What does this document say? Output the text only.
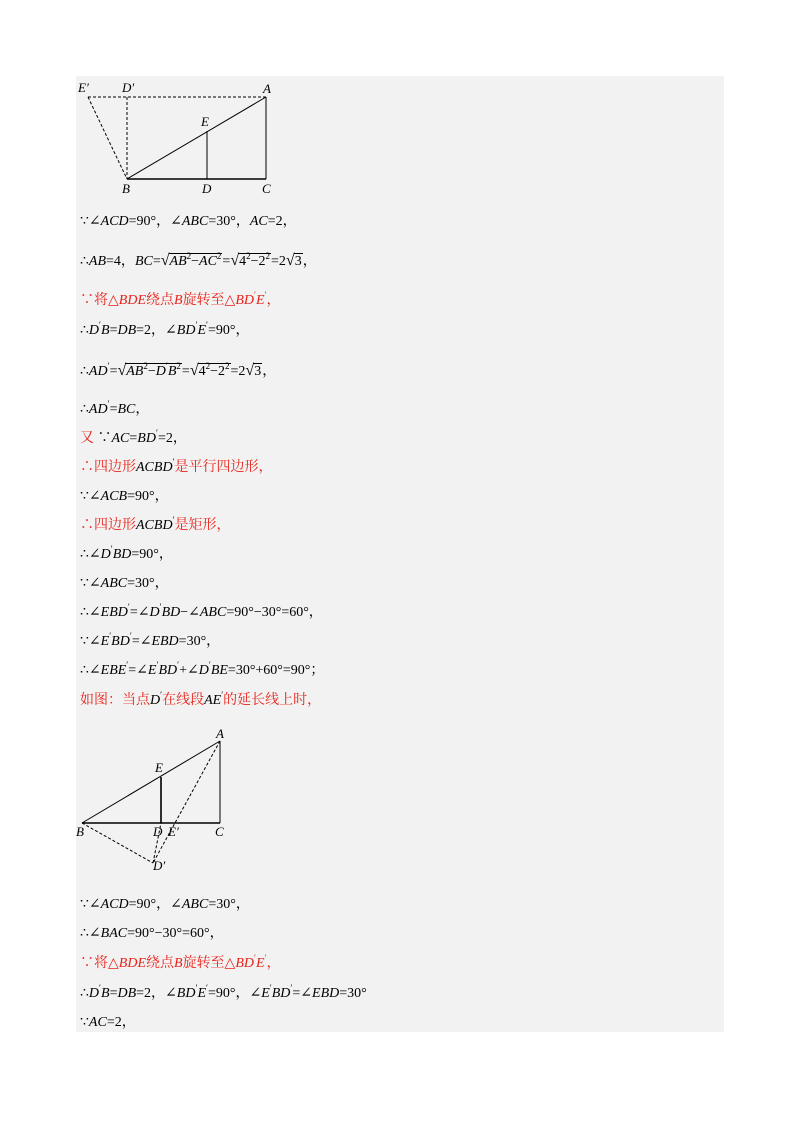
E′	D′	A
E
B	D	C
∵∠ACD=90°，∠ABC=30°，AC=2，
∴AB=4，$BC=√AB^2-AC^2=√4^2-2^2=2√3$，
∵将△BDE绕点B旋转至△BD′E′，
∴D′B=DB=2，∠BD′E′=90°，
$\therefore AD'=√AB^2-D'B^2=√4^2-2^2=2√3$，
∴AD′=BC，
又 ∵AC=BD′=2，
∴四边形ACBD′是平行四边形，
∵∠ACB=90°，
∴四边形ACBD′是矩形，
∴∠D′BD=90°，
∵∠ABC=30°，
∴∠EBD′=∠D′BD−∠ABC=90°−30°=60°，
∵∠E′BD′=∠EBD=30°，
∴∠EBE′=∠E′BD′+∠D′BE=30°+60°=90°；
如图：当点D′在线段AE′的延长线上时，
A
E
B	D E′	C
D′
∵∠ACD=90°，∠ABC=30°，
∴∠BAC=90°−30°=60°，
∵将△BDE绕点B旋转至△BD′E′，
∴D′B=DB=2，∠BD′E′=90°，∠E′BD′=∠EBD=30°
∵AC=2，
